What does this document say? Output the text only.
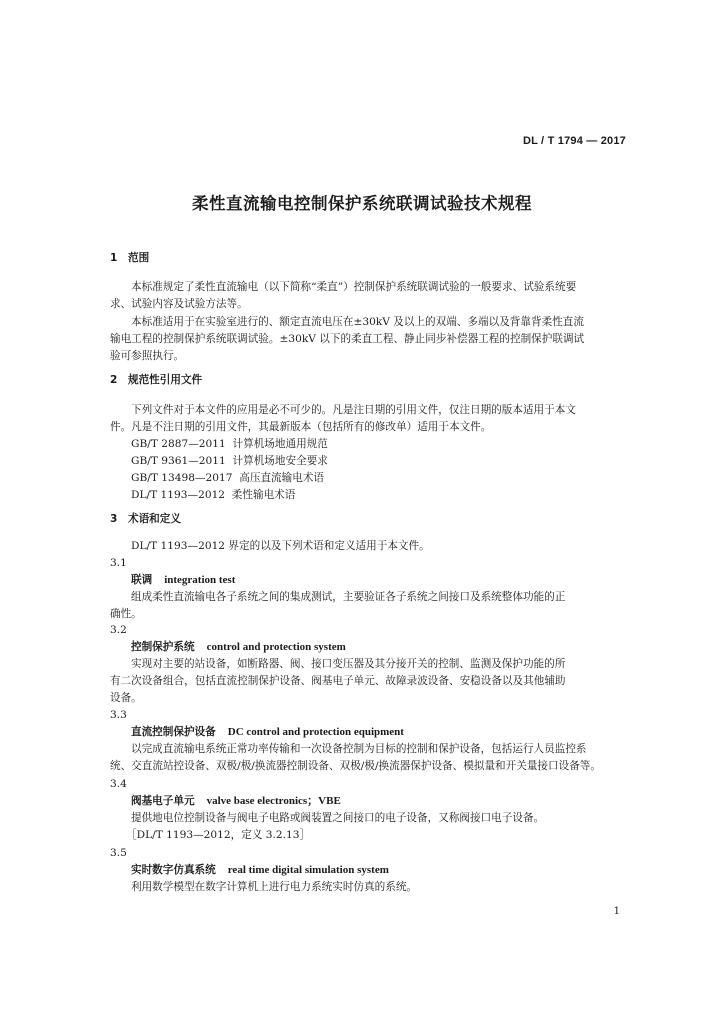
DL / T 1794 — 2017
柔性直流输电控制保护系统联调试验技术规程
1 范围
本标准规定了柔性直流输电（以下简称“柔直”）控制保护系统联调试验的一般要求、试验系统要
求、试验内容及试验方法等。
本标准适用于在实验室进行的、额定直流电压在±30kV 及以上的双端、多端以及背靠背柔性直流
输电工程的控制保护系统联调试验。±30kV 以下的柔直工程、静止同步补偿器工程的控制保护联调试
验可参照执行。
2 规范性引用文件
下列文件对于本文件的应用是必不可少的。凡是注日期的引用文件，仅注日期的版本适用于本文
件。凡是不注日期的引用文件，其最新版本（包括所有的修改单）适用于本文件。
GB/T 2887—2011 计算机场地通用规范
GB/T 9361—2011 计算机场地安全要求
GB/T 13498—2017 高压直流输电术语
DL/T 1193—2012 柔性输电术语
3 术语和定义
DL/T 1193—2012 界定的以及下列术语和定义适用于本文件。
3.1
联调 integration test
组成柔性直流输电各子系统之间的集成测试，主要验证各子系统之间接口及系统整体功能的正
确性。
3.2
控制保护系统 control and protection system
实现对主要的站设备，如断路器、阀、接口变压器及其分接开关的控制、监测及保护功能的所
有二次设备组合，包括直流控制保护设备、阀基电子单元、故障录波设备、安稳设备以及其他辅助
设备。
3.3
直流控制保护设备 DC control and protection equipment
以完成直流输电系统正常功率传输和一次设备控制为目标的控制和保护设备，包括运行人员监控系
统、交直流站控设备、双极/极/换流器控制设备、双极/极/换流器保护设备、模拟量和开关量接口设备等。
3.4
阀基电子单元 valve base electronics；VBE
提供地电位控制设备与阀电子电路或阀装置之间接口的电子设备，又称阀接口电子设备。
［DL/T 1193—2012，定义 3.2.13］
3.5
实时数字仿真系统 real time digital simulation system
利用数学模型在数字计算机上进行电力系统实时仿真的系统。
1
